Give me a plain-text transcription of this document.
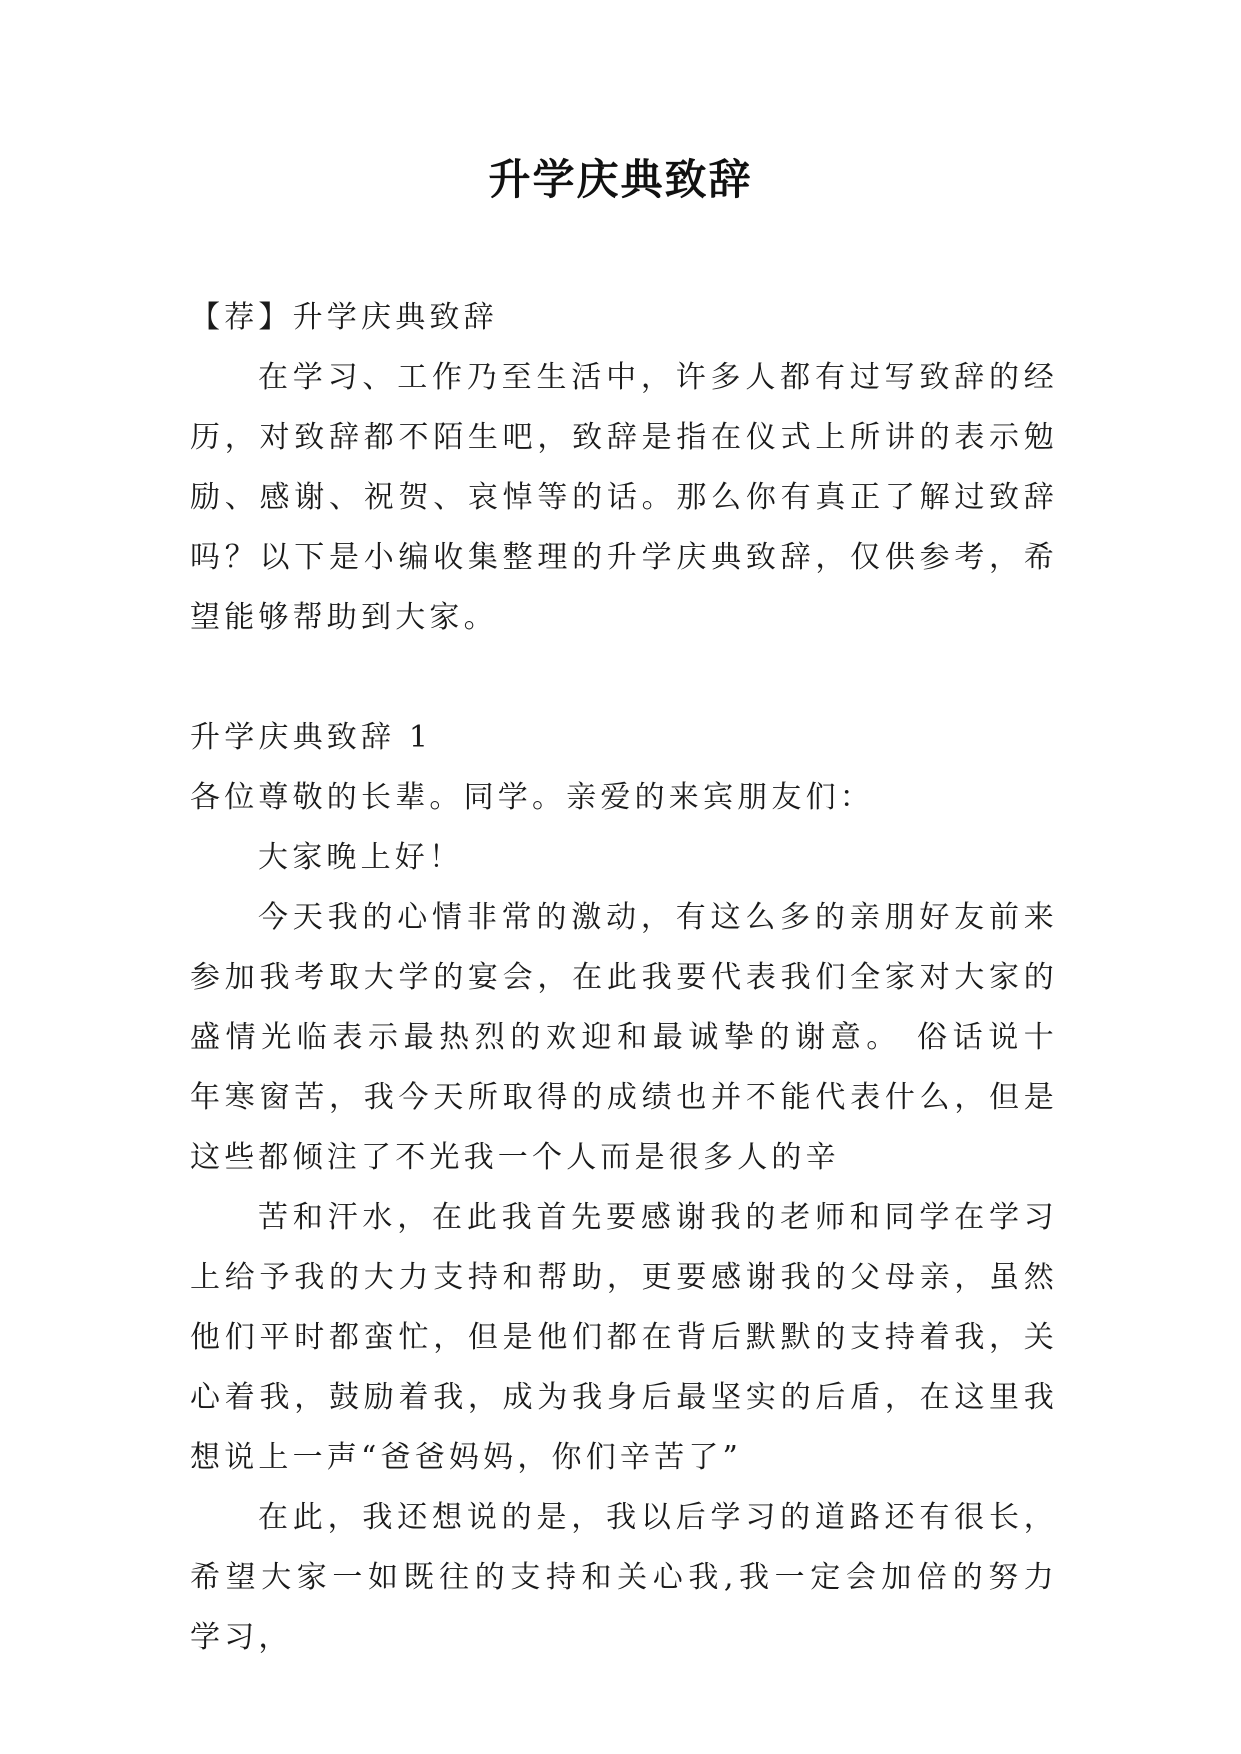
升学庆典致辞

【荐】升学庆典致辞

在学习、工作乃至生活中，许多人都有过写致辞的经历，对致辞都不陌生吧，致辞是指在仪式上所讲的表示勉励、感谢、祝贺、哀悼等的话。那么你有真正了解过致辞吗？以下是小编收集整理的升学庆典致辞，仅供参考，希望能够帮助到大家。

升学庆典致辞 1

各位尊敬的长辈。同学。亲爱的来宾朋友们：

大家晚上好！

今天我的心情非常的激动，有这么多的亲朋好友前来参加我考取大学的宴会，在此我要代表我们全家对大家的盛情光临表示最热烈的欢迎和最诚挚的谢意。 俗话说十年寒窗苦，我今天所取得的成绩也并不能代表什么，但是这些都倾注了不光我一个人而是很多人的辛

苦和汗水，在此我首先要感谢我的老师和同学在学习上给予我的大力支持和帮助，更要感谢我的父母亲，虽然他们平时都蛮忙，但是他们都在背后默默的支持着我，关心着我，鼓励着我，成为我身后最坚实的后盾，在这里我想说上一声“爸爸妈妈，你们辛苦了”

在此，我还想说的是，我以后学习的道路还有很长，希望大家一如既往的支持和关心我,我一定会加倍的努力学习，
